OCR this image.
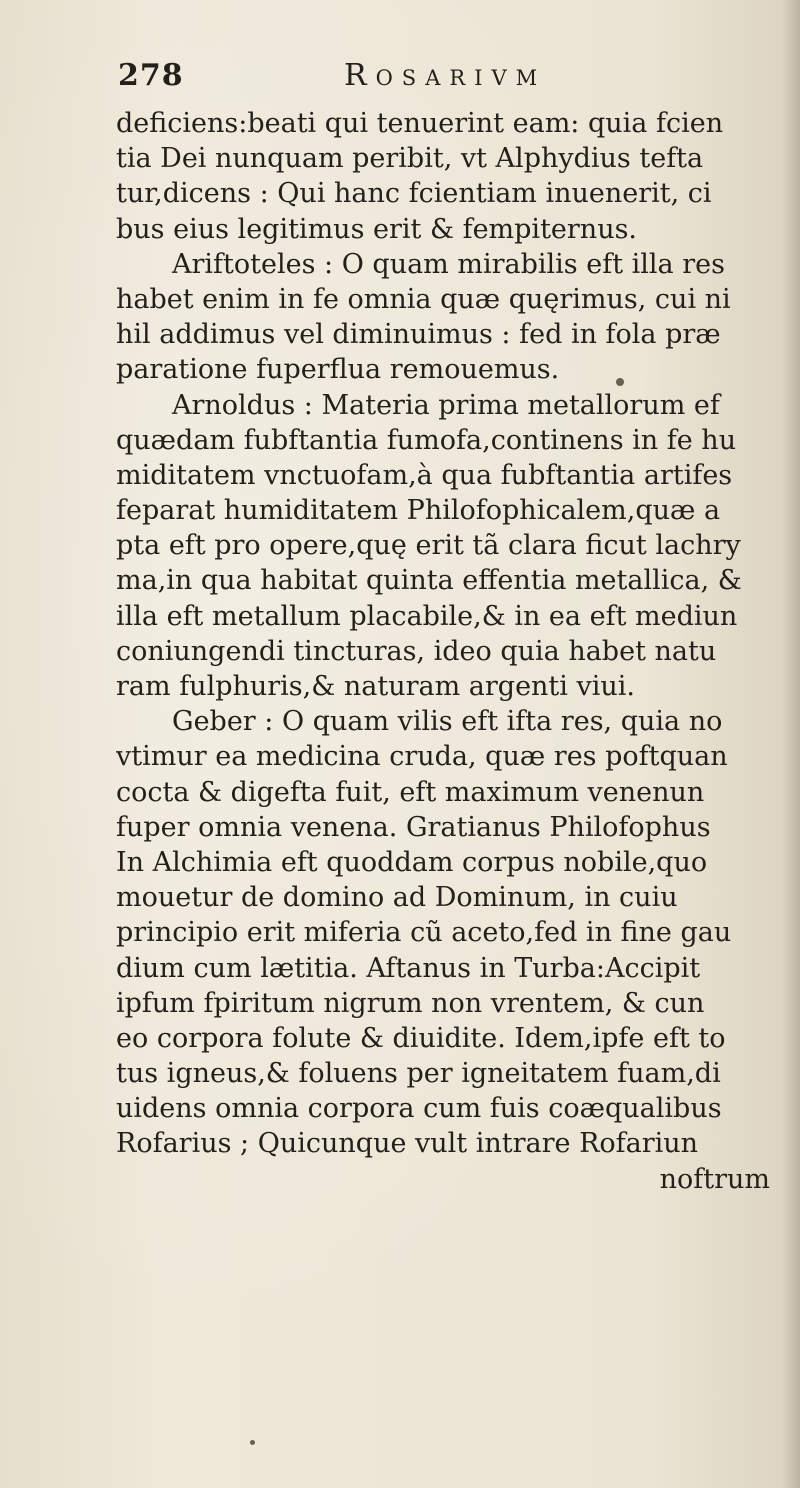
278	Rosarivm
deficiens:beati qui tenuerint eam: quia fcien
tia Dei nunquam peribit, vt Alphydius tefta
tur,dicens : Qui hanc fcientiam inuenerit, ci
bus eius legitimus erit & fempiternus.
Ariftoteles : O quam mirabilis eft illa res
habet enim in fe omnia quæ quęrimus, cui ni
hil addimus vel diminuimus : fed in fola præ
paratione fuperflua remouemus.
Arnoldus : Materia prima metallorum ef
quædam fubftantia fumofa,continens in fe hu
miditatem vnctuofam,à qua fubftantia artifes
feparat humiditatem Philofophicalem,quæ a
pta eft pro opere,quę erit tã clara ficut lachry
ma,in qua habitat quinta effentia metallica, &
illa eft metallum placabile,& in ea eft mediun
coniungendi tincturas, ideo quia habet natu
ram fulphuris,& naturam argenti viui.
Geber : O quam vilis eft ifta res, quia no
vtimur ea medicina cruda, quæ res poftquan
cocta & digefta fuit, eft maximum venenun
fuper omnia venena. Gratianus Philofophus
In Alchimia eft quoddam corpus nobile,quo
mouetur de domino ad Dominum, in cuiu
principio erit miferia cũ aceto,fed in fine gau
dium cum lætitia. Aftanus in Turba:Accipit
ipfum fpiritum nigrum non vrentem, & cun
eo corpora folute & diuidite. Idem,ipfe eft to
tus igneus,& foluens per igneitatem fuam,di
uidens omnia corpora cum fuis coæqualibus
Rofarius ; Quicunque vult intrare Rofariun
noftrum
